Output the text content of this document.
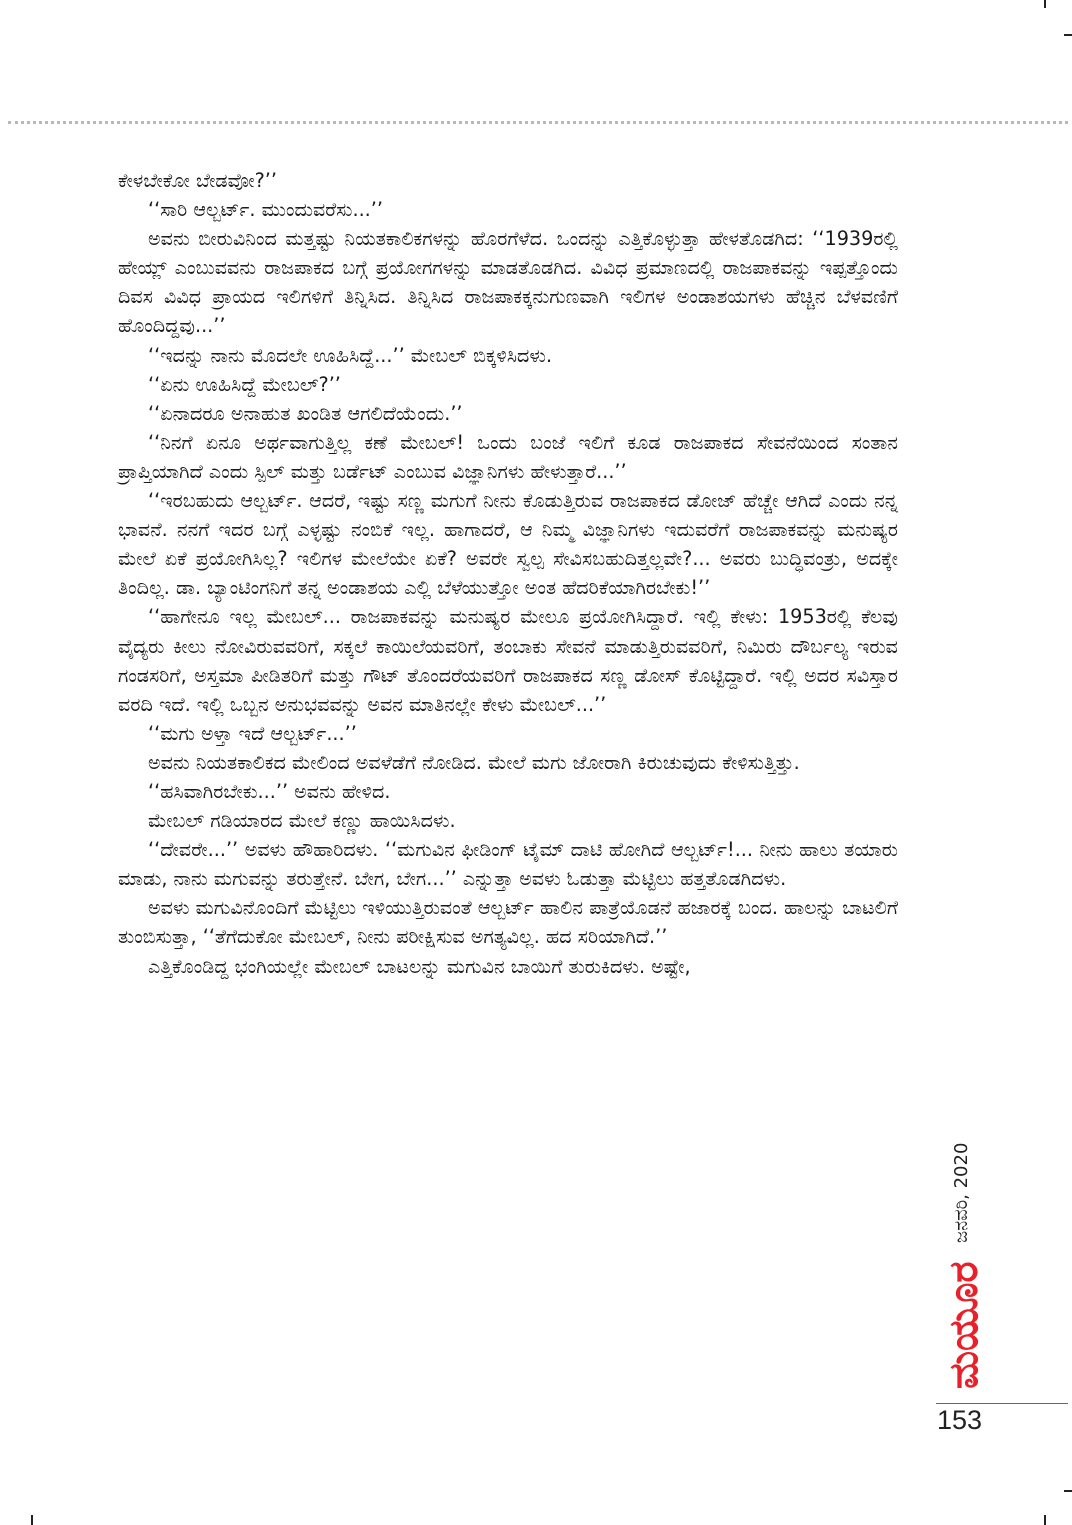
ಕೇಳಬೇಕೋ ಬೇಡವೋ?’’

‘‘ಸಾರಿ ಆಲ್ಬರ್ಟ್. ಮುಂದುವರೆಸು...’’

ಅವನು ಬೀರುವಿನಿಂದ ಮತ್ತಷ್ಟು ನಿಯತಕಾಲಿಕಗಳನ್ನು ಹೊರಗೆಳೆದ. ಒಂದನ್ನು ಎತ್ತಿಕೊಳ್ಳುತ್ತಾ ಹೇಳತೊಡಗಿದ: ‘‘1939ರಲ್ಲಿ ಹೇಯ್ಲ್ ಎಂಬುವವನು ರಾಜಪಾಕದ ಬಗ್ಗೆ ಪ್ರಯೋಗಗಳನ್ನು ಮಾಡತೊಡಗಿದ. ವಿವಿಧ ಪ್ರಮಾಣದಲ್ಲಿ ರಾಜಪಾಕವನ್ನು ಇಪ್ಪತ್ತೊಂದು ದಿವಸ ವಿವಿಧ ಪ್ರಾಯದ ಇಲಿಗಳಿಗೆ ತಿನ್ನಿಸಿದ. ತಿನ್ನಿಸಿದ ರಾಜಪಾಕಕ್ಕನುಗುಣವಾಗಿ ಇಲಿಗಳ ಅಂಡಾಶಯಗಳು ಹೆಚ್ಚಿನ ಬೆಳವಣಿಗೆ ಹೊಂದಿದ್ದವು...’’

‘‘ಇದನ್ನು ನಾನು ಮೊದಲೇ ಊಹಿಸಿದ್ದೆ...’’ ಮೇಬಲ್ ಬಿಕ್ಕಳಿಸಿದಳು.

‘‘ಏನು ಊಹಿಸಿದ್ದೆ ಮೇಬಲ್?’’

‘‘ಏನಾದರೂ ಅನಾಹುತ ಖಂಡಿತ ಆಗಲಿದೆಯೆಂದು.’’

‘‘ನಿನಗೆ ಏನೂ ಅರ್ಥವಾಗುತ್ತಿಲ್ಲ ಕಣೆ ಮೇಬಲ್! ಒಂದು ಬಂಜೆ ಇಲಿಗೆ ಕೂಡ ರಾಜಪಾಕದ ಸೇವನೆಯಿಂದ ಸಂತಾನ ಪ್ರಾಪ್ತಿಯಾಗಿದೆ ಎಂದು ಸ್ಪಿಲ್ ಮತ್ತು ಬರ್ಡೆಟ್ ಎಂಬುವ ವಿಜ್ಞಾನಿಗಳು ಹೇಳುತ್ತಾರೆ...’’

‘‘ಇರಬಹುದು ಆಲ್ಬರ್ಟ್. ಆದರೆ, ಇಷ್ಟು ಸಣ್ಣ ಮಗುಗೆ ನೀನು ಕೊಡುತ್ತಿರುವ ರಾಜಪಾಕದ ಡೋಜ್ ಹೆಚ್ಚೇ ಆಗಿದೆ ಎಂದು ನನ್ನ ಭಾವನೆ. ನನಗೆ ಇದರ ಬಗ್ಗೆ ಎಳ್ಳಷ್ಟು ನಂಬಿಕೆ ಇಲ್ಲ. ಹಾಗಾದರೆ, ಆ ನಿಮ್ಮ ವಿಜ್ಞಾನಿಗಳು ಇದುವರೆಗೆ ರಾಜಪಾಕವನ್ನು ಮನುಷ್ಯರ ಮೇಲೆ ಏಕೆ ಪ್ರಯೋಗಿಸಿಲ್ಲ? ಇಲಿಗಳ ಮೇಲೆಯೇ ಏಕೆ? ಅವರೇ ಸ್ವಲ್ಪ ಸೇವಿಸಬಹುದಿತ್ತಲ್ಲವೇ?... ಅವರು ಬುದ್ಧಿವಂತ್ರು, ಅದಕ್ಕೇ ತಿಂದಿಲ್ಲ. ಡಾ. ಬ್ಯಾಂಟಿಂಗನಿಗೆ ತನ್ನ ಅಂಡಾಶಯ ಎಲ್ಲಿ ಬೆಳೆಯುತ್ತೋ ಅಂತ ಹೆದರಿಕೆಯಾಗಿರಬೇಕು!’’

‘‘ಹಾಗೇನೂ ಇಲ್ಲ ಮೇಬಲ್... ರಾಜಪಾಕವನ್ನು ಮನುಷ್ಯರ ಮೇಲೂ ಪ್ರಯೋಗಿಸಿದ್ದಾರೆ. ಇಲ್ಲಿ ಕೇಳು: 1953ರಲ್ಲಿ ಕೆಲವು ವೈದ್ಯರು ಕೀಲು ನೋವಿರುವವರಿಗೆ, ಸಕ್ಕಲೆ ಕಾಯಿಲೆಯವರಿಗೆ, ತಂಬಾಕು ಸೇವನೆ ಮಾಡುತ್ತಿರುವವರಿಗೆ, ನಿಮಿರು ದೌರ್ಬಲ್ಯ ಇರುವ ಗಂಡಸರಿಗೆ, ಅಸ್ತಮಾ ಪೀಡಿತರಿಗೆ ಮತ್ತು ಗೌಟ್ ತೊಂದರೆಯವರಿಗೆ ರಾಜಪಾಕದ ಸಣ್ಣ ಡೋಸ್ ಕೊಟ್ಟಿದ್ದಾರೆ. ಇಲ್ಲಿ ಅದರ ಸವಿಸ್ತಾರ ವರದಿ ಇದೆ. ಇಲ್ಲಿ ಒಬ್ಬನ ಅನುಭವವನ್ನು ಅವನ ಮಾತಿನಲ್ಲೇ ಕೇಳು ಮೇಬಲ್...’’

‘‘ಮಗು ಅಳ್ತಾ ಇದೆ ಆಲ್ಬರ್ಟ್...’’

ಅವನು ನಿಯತಕಾಲಿಕದ ಮೇಲಿಂದ ಅವಳೆಡೆಗೆ ನೋಡಿದ. ಮೇಲೆ ಮಗು ಜೋರಾಗಿ ಕಿರುಚುವುದು ಕೇಳಿಸುತ್ತಿತ್ತು.

‘‘ಹಸಿವಾಗಿರಬೇಕು...’’ ಅವನು ಹೇಳಿದ.

ಮೇಬಲ್ ಗಡಿಯಾರದ ಮೇಲೆ ಕಣ್ಣು ಹಾಯಿಸಿದಳು.

‘‘ದೇವರೇ...’’ ಅವಳು ಹೌಹಾರಿದಳು. ‘‘ಮಗುವಿನ ಫೀಡಿಂಗ್ ಟೈಮ್ ದಾಟಿ ಹೋಗಿದೆ ಆಲ್ಬರ್ಟ್!... ನೀನು ಹಾಲು ತಯಾರು ಮಾಡು, ನಾನು ಮಗುವನ್ನು ತರುತ್ತೇನೆ. ಬೇಗ, ಬೇಗ...’’ ಎನ್ನುತ್ತಾ ಅವಳು ಓಡುತ್ತಾ ಮೆಟ್ಟಿಲು ಹತ್ತತೊಡಗಿದಳು.

ಅವಳು ಮಗುವಿನೊಂದಿಗೆ ಮೆಟ್ಟಿಲು ಇಳಿಯುತ್ತಿರುವಂತೆ ಆಲ್ಬರ್ಟ್ ಹಾಲಿನ ಪಾತ್ರೆಯೊಡನೆ ಹಜಾರಕ್ಕೆ ಬಂದ. ಹಾಲನ್ನು ಬಾಟಲಿಗೆ ತುಂಬಿಸುತ್ತಾ, ‘‘ತೆಗೆದುಕೋ ಮೇಬಲ್, ನೀನು ಪರೀಕ್ಷಿಸುವ ಅಗತ್ಯವಿಲ್ಲ. ಹದ ಸರಿಯಾಗಿದೆ.’’

ಎತ್ತಿಕೊಂಡಿದ್ದ ಭಂಗಿಯಲ್ಲೇ ಮೇಬಲ್ ಬಾಟಲನ್ನು ಮಗುವಿನ ಬಾಯಿಗೆ ತುರುಕಿದಳು. ಅಷ್ಟೇ,

ಜನವರಿ, 2020
ಮಯೂರ
153
